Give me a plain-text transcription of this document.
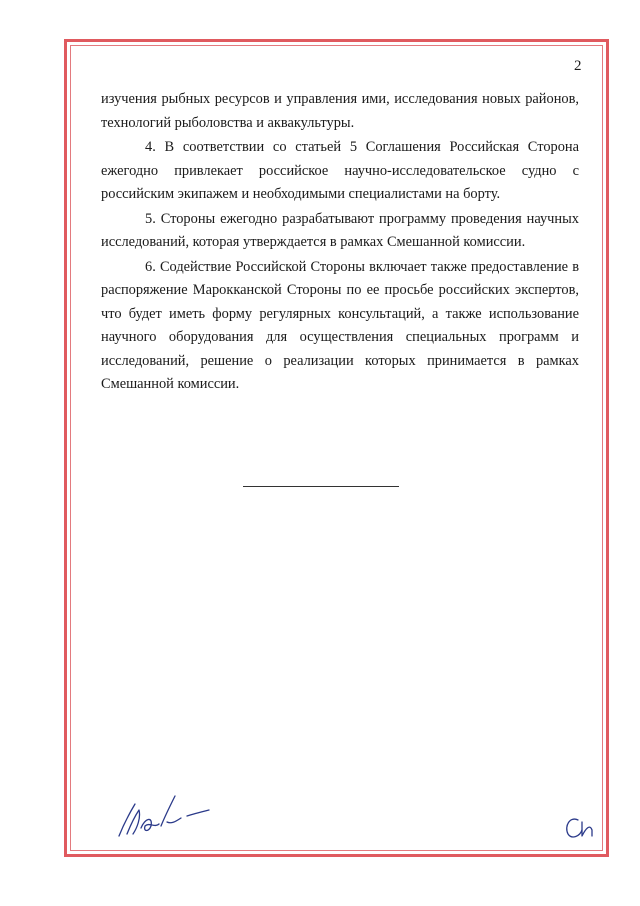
2

изучения рыбных ресурсов и управления ими, исследования новых районов, технологий рыболовства и аквакультуры.

4. В соответствии со статьей 5 Соглашения Российская Сторона ежегодно привлекает российское научно-исследовательское судно с российским экипажем и необходимыми специалистами на борту.

5. Стороны ежегодно разрабатывают программу проведения научных исследований, которая утверждается в рамках Смешанной комиссии.

6. Содействие Российской Стороны включает также предоставление в распоряжение Марокканской Стороны по ее просьбе российских экспертов, что будет иметь форму регулярных консультаций, а также использование научного оборудования для осуществления специальных программ и исследований, решение о реализации которых принимается в рамках Смешанной комиссии.
